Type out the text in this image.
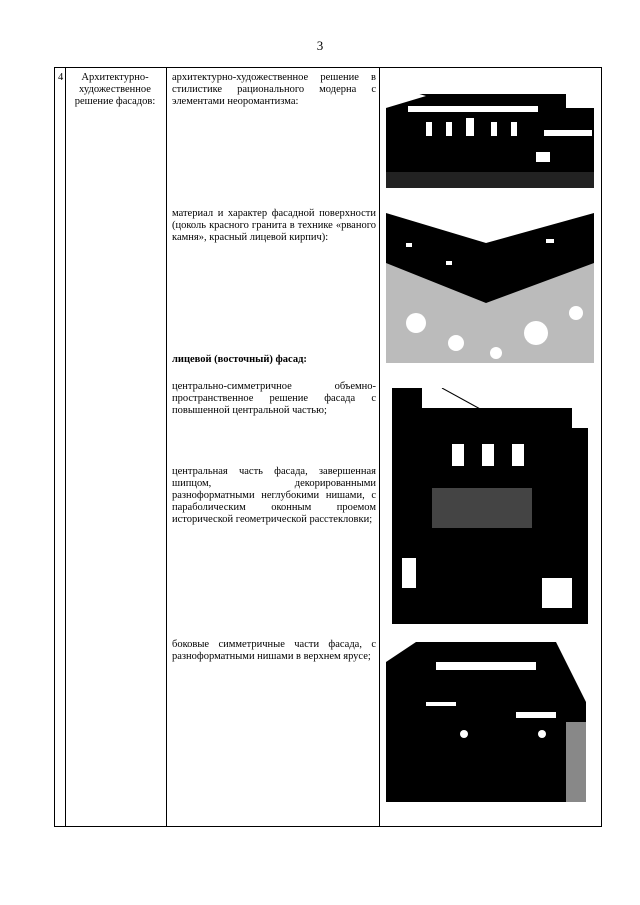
3
4	Архитектурно-художественное решение фасадов:
архитектурно-художественное решение в стилистике рационального модерна с элементами неоромантизма:
материал и характер фасадной поверхности (цоколь красного гранита в технике «рваного камня», красный лицевой кирпич):
лицевой (восточный) фасад:
центрально-симметричное объемно-пространственное решение фасада с повышенной центральной частью;
центральная часть фасада, завершенная шипцом, декорированными разноформатными неглубокими нишами, с параболическим оконным проемом исторической геометрической расстекловки;
боковые симметричные части фасада, с разноформатными нишами в верхнем ярусе;
